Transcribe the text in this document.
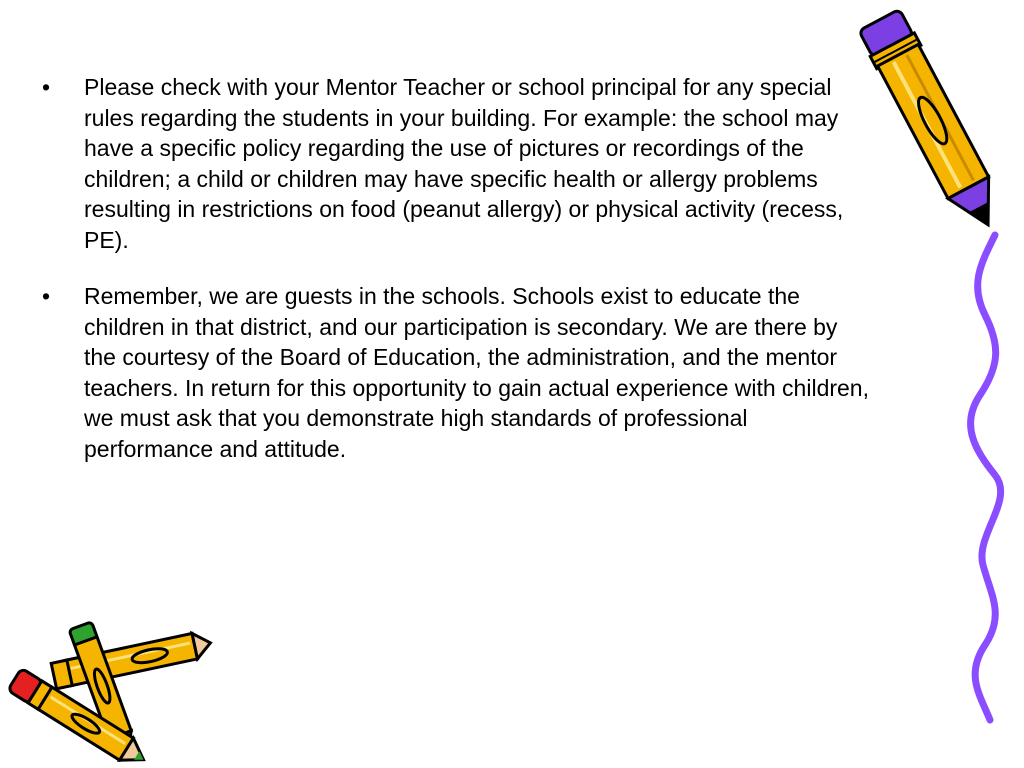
• Please check with your Mentor Teacher or school principal for any special rules regarding the students in your building. For example: the school may have a specific policy regarding the use of pictures or recordings of the children; a child or children may have specific health or allergy problems resulting in restrictions on food (peanut allergy) or physical activity (recess, PE).
• Remember, we are guests in the schools. Schools exist to educate the children in that district, and our participation is secondary. We are there by the courtesy of the Board of Education, the administration, and the mentor teachers. In return for this opportunity to gain actual experience with children, we must ask that you demonstrate high standards of professional performance and attitude.
